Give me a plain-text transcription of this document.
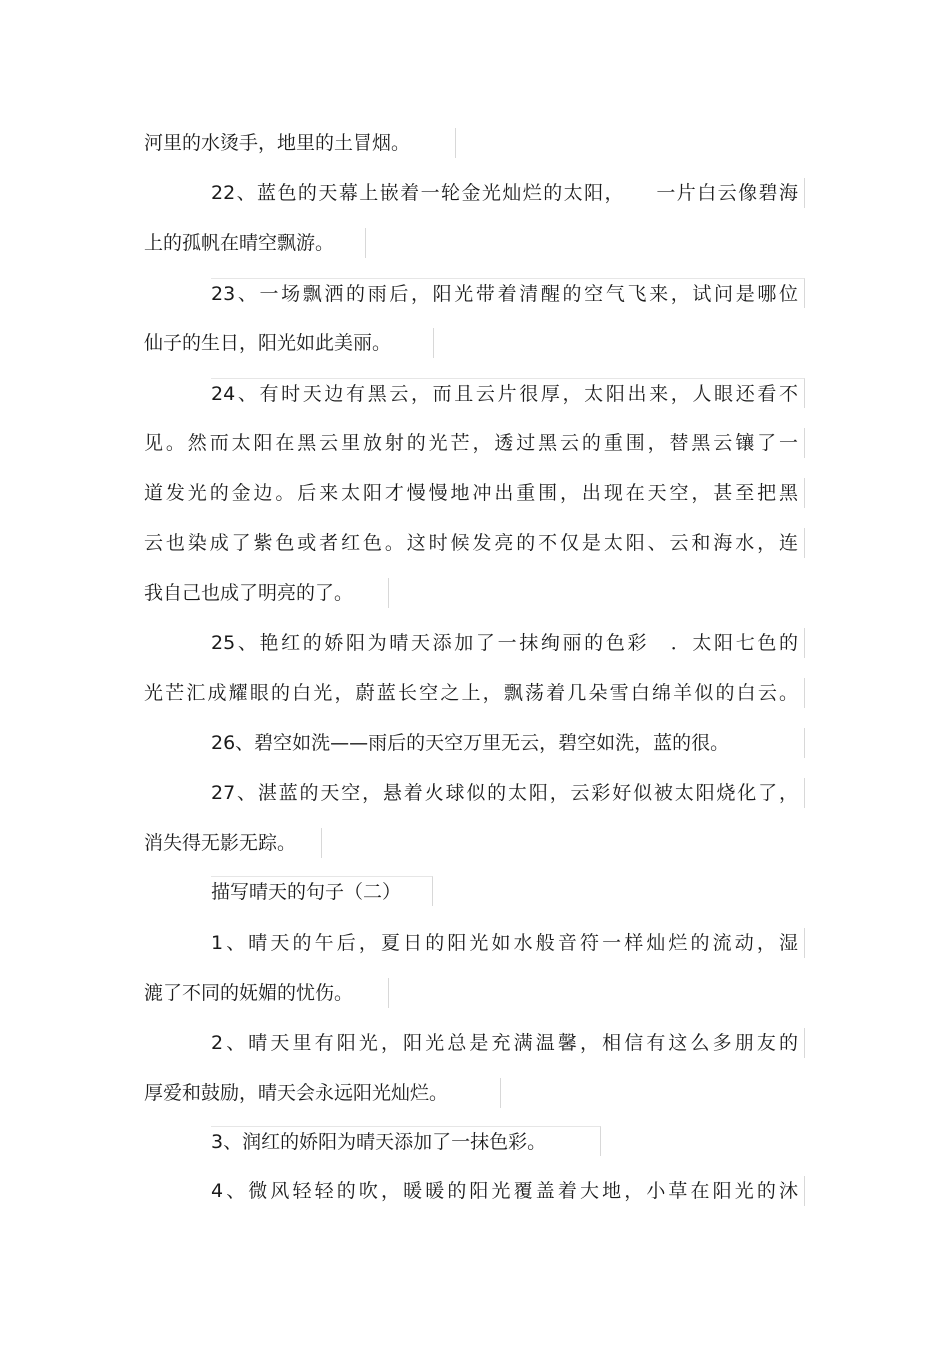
河里的水烫手，地里的土冒烟。
22、蓝色的天幕上嵌着一轮金光灿烂的太阳，　　一片白云像碧海
上的孤帆在晴空飘游。
23、一场飘洒的雨后，阳光带着清醒的空气飞来，试问是哪位
仙子的生日，阳光如此美丽。
24、有时天边有黑云，而且云片很厚，太阳出来，人眼还看不
见。然而太阳在黑云里放射的光芒，透过黑云的重围，替黑云镶了一
道发光的金边。后来太阳才慢慢地冲出重围，出现在天空，甚至把黑
云也染成了紫色或者红色。这时候发亮的不仅是太阳、云和海水，连
我自己也成了明亮的了。
25、艳红的娇阳为晴天添加了一抹绚丽的色彩　．太阳七色的
光芒汇成耀眼的白光，蔚蓝长空之上，飘荡着几朵雪白绵羊似的白云。
26、碧空如洗——雨后的天空万里无云，碧空如洗，蓝的很。
27、湛蓝的天空，悬着火球似的太阳，云彩好似被太阳烧化了，
消失得无影无踪。
描写晴天的句子（二）
1、晴天的午后，夏日的阳光如水般音符一样灿烂的流动，湿
漉了不同的妩媚的忧伤。
2、晴天里有阳光，阳光总是充满温馨，相信有这么多朋友的
厚爱和鼓励，晴天会永远阳光灿烂。
3、润红的娇阳为晴天添加了一抹色彩。
4、微风轻轻的吹，暖暖的阳光覆盖着大地，小草在阳光的沐
